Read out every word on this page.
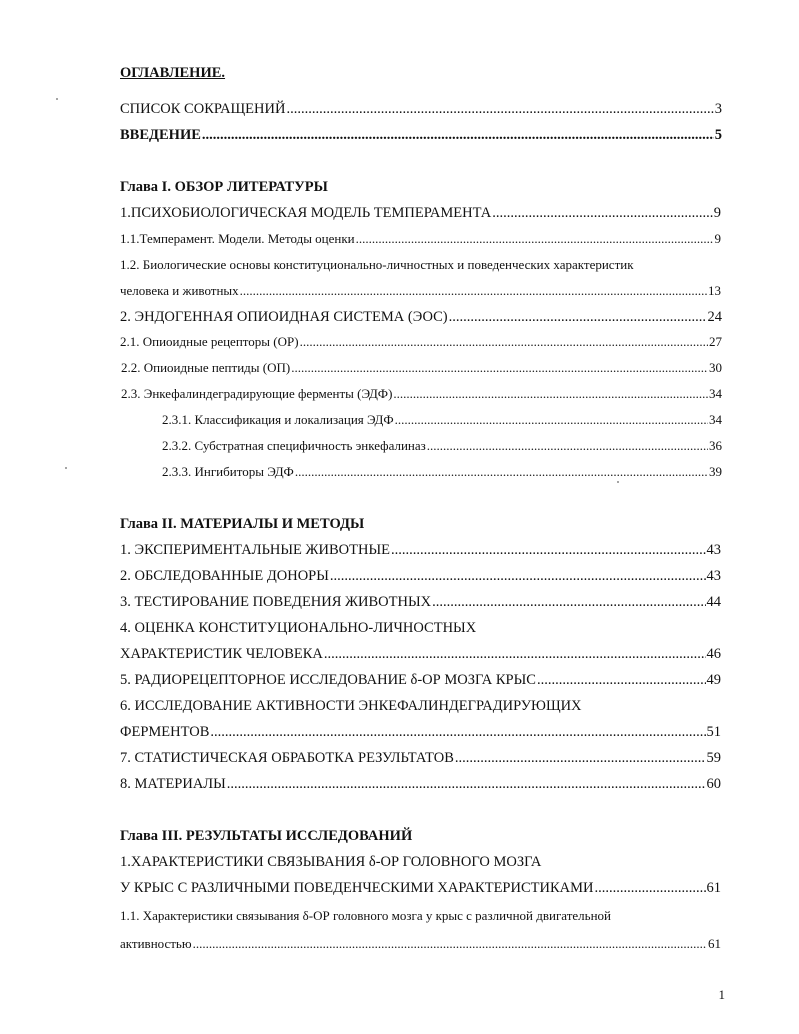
ОГЛАВЛЕНИЕ.
СПИСОК СОКРАЩЕНИЙ .....	3
ВВЕДЕНИЕ .....	5
Глава I. ОБЗОР ЛИТЕРАТУРЫ
1.ПСИХОБИОЛОГИЧЕСКАЯ МОДЕЛЬ ТЕМПЕРАМЕНТА .....	9
1.1.Темперамент. Модели. Методы оценки .....	9
1.2. Биологические основы конституционально-личностных и поведенческих характеристик
человека и животных .....	13
2. ЭНДОГЕННАЯ ОПИОИДНАЯ СИСТЕМА (ЭОС) .....	24
2.1. Опиоидные рецепторы (ОР) .....	27
2.2. Опиоидные пептиды (ОП) .....	30
2.3. Энкефалиндеградирующие ферменты (ЭДФ) .....	34
2.3.1. Классификация и локализация ЭДФ .....	34
2.3.2. Субстратная специфичность энкефалиназ .....	36
2.3.3. Ингибиторы ЭДФ .....	39
Глава II. МАТЕРИАЛЫ И МЕТОДЫ
1. ЭКСПЕРИМЕНТАЛЬНЫЕ ЖИВОТНЫЕ .....	43
2. ОБСЛЕДОВАННЫЕ ДОНОРЫ .....	43
3. ТЕСТИРОВАНИЕ ПОВЕДЕНИЯ ЖИВОТНЫХ .....	44
4. ОЦЕНКА КОНСТИТУЦИОНАЛЬНО-ЛИЧНОСТНЫХ
ХАРАКТЕРИСТИК ЧЕЛОВЕКА .....	46
5. РАДИОРЕЦЕПТОРНОЕ ИССЛЕДОВАНИЕ δ-ОР МОЗГА КРЫС .....	49
6. ИССЛЕДОВАНИЕ АКТИВНОСТИ ЭНКЕФАЛИНДЕГРАДИРУЮЩИХ
ФЕРМЕНТОВ .....	51
7. СТАТИСТИЧЕСКАЯ ОБРАБОТКА РЕЗУЛЬТАТОВ .....	59
8. МАТЕРИАЛЫ .....	60
Глава III. РЕЗУЛЬТАТЫ ИССЛЕДОВАНИЙ
1.ХАРАКТЕРИСТИКИ СВЯЗЫВАНИЯ δ-ОР ГОЛОВНОГО МОЗГА
У КРЫС С РАЗЛИЧНЫМИ ПОВЕДЕНЧЕСКИМИ ХАРАКТЕРИСТИКАМИ .....	61
1.1. Характеристики связывания δ-ОР головного мозга у крыс с различной двигательной
активностью .....	61
1
